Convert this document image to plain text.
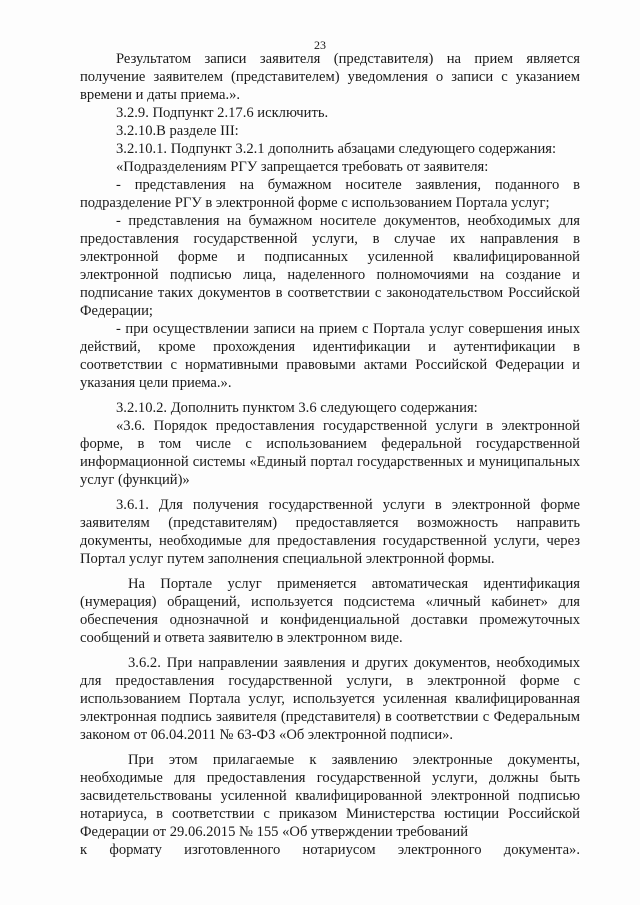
23

Результатом записи заявителя (представителя) на прием является получение заявителем (представителем) уведомления о записи с указанием времени и даты приема.».

3.2.9. Подпункт 2.17.6 исключить.

3.2.10.В разделе III:

3.2.10.1. Подпункт 3.2.1 дополнить абзацами следующего содержания:

«Подразделениям РГУ запрещается требовать от заявителя:

- представления на бумажном носителе заявления, поданного в подразделение РГУ в электронной форме с использованием Портала услуг;

- представления на бумажном носителе документов, необходимых для предоставления государственной услуги, в случае их направления в электронной форме и подписанных усиленной квалифицированной электронной подписью лица, наделенного полномочиями на создание и подписание таких документов в соответствии с законодательством Российской Федерации;

- при осуществлении записи на прием с Портала услуг совершения иных действий, кроме прохождения идентификации и аутентификации в соответствии с нормативными правовыми актами Российской Федерации и указания цели приема.».

3.2.10.2. Дополнить пунктом 3.6 следующего содержания:

«3.6. Порядок предоставления государственной услуги в электронной форме, в том числе с использованием федеральной государственной информационной системы «Единый портал государственных и муниципальных услуг (функций)»

3.6.1. Для получения государственной услуги в электронной форме заявителям (представителям) предоставляется возможность направить документы, необходимые для предоставления государственной услуги, через Портал услуг путем заполнения специальной электронной формы.

На Портале услуг применяется автоматическая идентификация (нумерация) обращений, используется подсистема «личный кабинет» для обеспечения однозначной и конфиденциальной доставки промежуточных сообщений и ответа заявителю в электронном виде.

3.6.2. При направлении заявления и других документов, необходимых для предоставления государственной услуги, в электронной форме с использованием Портала услуг, используется усиленная квалифицированная электронная подпись заявителя (представителя) в соответствии с Федеральным законом от 06.04.2011 № 63-ФЗ «Об электронной подписи».

При этом прилагаемые к заявлению электронные документы, необходимые для предоставления государственной услуги, должны быть засвидетельствованы усиленной квалифицированной электронной подписью нотариуса, в соответствии с приказом Министерства юстиции Российской Федерации от 29.06.2015 № 155 «Об утверждении требований

к формату изготовленного нотариусом электронного документа».
